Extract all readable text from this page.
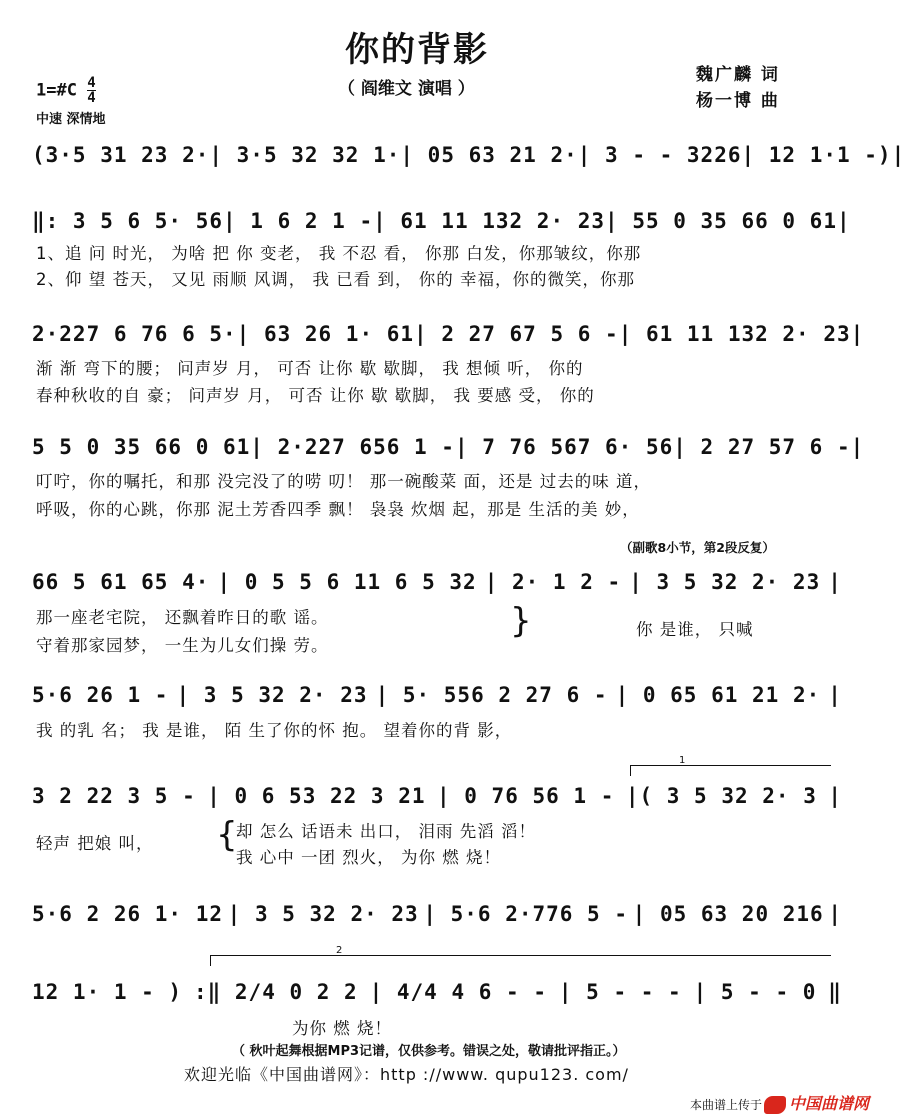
你的背影
（ 阎维文 演唱 ）
魏广麟 词
杨一博 曲
1=#C $\frac{4}{4}$
中速 深情地
(3·5 31 23 2· | 3·5 32 32 1· | 05 63 21 2· | 3 - - 3226 | 12 1·1 -) |
‖: 3 5 6 5· 56 | 1 6 2 1 - | 61 11 132 2· 23 | 55 0 35 66 0 61 |
1、追 问 时光， 为啥 把 你 变老， 我 不忍 看， 你那 白发，你那皱纹，你那
2、仰 望 苍天， 又见 雨顺 风调， 我 已看 到， 你的 幸福，你的微笑，你那
2·227 6 76 6 5· | 63 26 1· 61 | 2 27 67 5 6 - | 61 11 132 2· 23 |
渐 渐 弯下的腰； 问声岁 月， 可否 让你 歇 歇脚， 我 想倾 听， 你的
春种秋收的自 豪； 问声岁 月， 可否 让你 歇 歇脚， 我 要感 受， 你的
5 5 0 35 66 0 61 | 2·227 656 1 - | 7 76 567 6· 56 | 2 27 57 6 - |
叮咛，你的嘱托，和那 没完没了的唠 叨！ 那一碗酸菜 面，还是 过去的味 道，
呼吸，你的心跳，你那 泥土芳香四季 飘！ 袅袅 炊烟 起，那是 生活的美 妙，
（副歌8小节，第2段反复）
66 5 61 65 4· | 0 5 5 6 11 6 5 32 | 2· 1 2 - | 3 5 32 2· 23 |
那一座老宅院， 还飘着昨日的歌 谣。
守着那家园梦， 一生为儿女们操 劳。
}	你 是谁， 只喊
5·6 26 1 - | 3 5 32 2· 23 | 5· 556 2 27 6 - | 0 65 61 21 2· |
我 的乳 名； 我 是谁， 陌 生了你的怀 抱。 望着你的背 影，
1
3 2 22 3 5 - | 0 6 53 22 3 21 | 0 76 56 1 - |( 3 5 32 2· 3 |
轻声 把娘 叫， {
却 怎么 话语未 出口， 泪雨 先滔 滔！
我 心中 一团 烈火， 为你 燃 烧！
5·6 2 26 1· 12 | 3 5 32 2· 23 | 5·6 2·776 5 - | 05 63 20 216 |
2
12 1· 1 - ) :‖ 2/4 0 2 2 | 4/4 4 6 - - | 5 - - - | 5 - - 0 ‖
为你 燃 烧！
（ 秋叶起舞根据MP3记谱，仅供参考。错误之处，敬请批评指正。）
欢迎光临《中国曲谱网》：http ://www. qupu123. com/
本曲谱上传于	中国曲谱网
